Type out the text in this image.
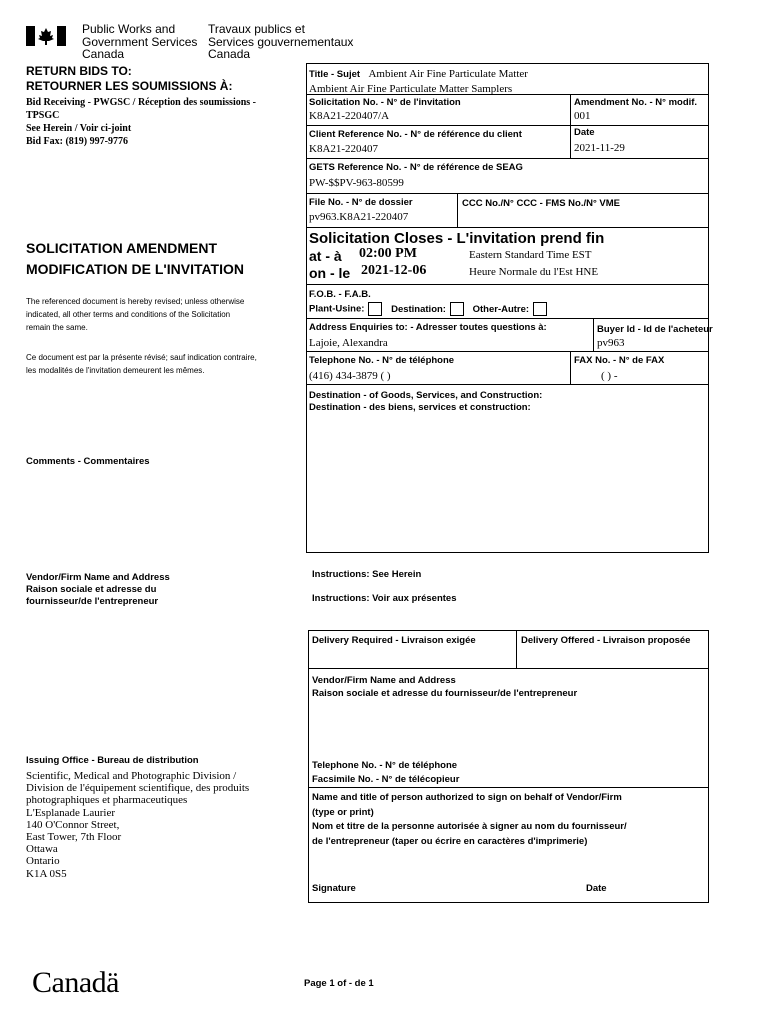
Public Works and
Government Services
Canada
Travaux publics et
Services gouvernementaux
Canada
RETURN BIDS TO:
RETOURNER LES SOUMISSIONS À:
Bid Receiving - PWGSC / Réception des soumissions -
TPSGC
See Herein / Voir ci-joint
Bid Fax: (819) 997-9776
SOLICITATION AMENDMENT
MODIFICATION DE L'INVITATION
The referenced document is hereby revised; unless otherwise
indicated, all other terms and conditions of the Solicitation
remain the same.
Ce document est par la présente révisé; sauf indication contraire,
les modalités de l'invitation demeurent les mêmes.
Comments - Commentaires
Vendor/Firm Name and Address
Raison sociale et adresse du
fournisseur/de l'entrepreneur
Issuing Office - Bureau de distribution
Scientific, Medical and Photographic Division /
Division de l'équipement scientifique, des produits
photographiques et pharmaceutiques
L'Esplanade Laurier
140 O'Connor Street,
East Tower, 7th Floor
Ottawa
Ontario
K1A 0S5
Title - Sujet Ambient Air Fine Particulate Matter
Ambient Air Fine Particulate Matter Samplers
Solicitation No. - N° de l'invitation
K8A21-220407/A
Amendment No. - N° modif.
001
Client Reference No. - N° de référence du client
K8A21-220407
Date
2021-11-29
GETS Reference No. - N° de référence de SEAG
PW-$$PV-963-80599
File No. - N° de dossier
pv963.K8A21-220407
CCC No./N° CCC - FMS No./N° VME
Solicitation Closes - L'invitation prend fin
at - à 02:00 PM
on - le 2021-12-06
Eastern Standard Time EST
Heure Normale du l'Est HNE
F.O.B. - F.A.B.
Plant-Usine:	Destination:	Other-Autre:
Address Enquiries to: - Adresser toutes questions à:
Lajoie, Alexandra
Buyer Id - Id de l'acheteur
pv963
Telephone No. - N° de téléphone
(416) 434-3879 ( )
FAX No. - N° de FAX
( ) -
Destination - of Goods, Services, and Construction:
Destination - des biens, services et construction:
Instructions: See Herein
Instructions: Voir aux présentes
Delivery Required - Livraison exigée	Delivery Offered - Livraison proposée
Vendor/Firm Name and Address
Raison sociale et adresse du fournisseur/de l'entrepreneur
Telephone No. - N° de téléphone
Facsimile No. - N° de télécopieur
Name and title of person authorized to sign on behalf of Vendor/Firm
(type or print)
Nom et titre de la personne autorisée à signer au nom du fournisseur/
de l'entrepreneur (taper ou écrire en caractères d'imprimerie)
Signature	Date
Canadä	Page 1 of - de 1
